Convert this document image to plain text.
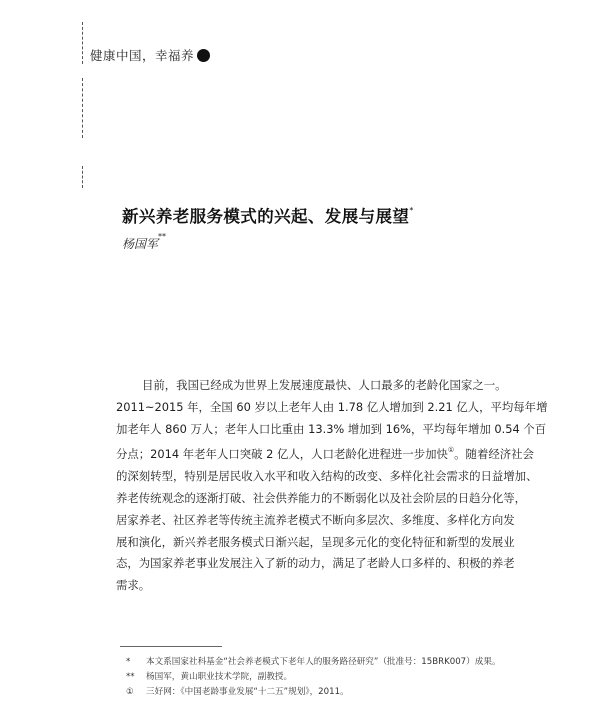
健康中国，幸福养
新兴养老服务模式的兴起、发展与展望*
杨国军**
目前，我国已经成为世界上发展速度最快、人口最多的老龄化国家之一。
2011~2015 年，全国 60 岁以上老年人由 1.78 亿人增加到 2.21 亿人，平均每年增
加老年人 860 万人；老年人口比重由 13.3% 增加到 16%，平均每年增加 0.54 个百
分点；2014 年老年人口突破 2 亿人，人口老龄化进程进一步加快①。随着经济社会
的深刻转型，特别是居民收入水平和收入结构的改变、多样化社会需求的日益增加、
养老传统观念的逐渐打破、社会供养能力的不断弱化以及社会阶层的日趋分化等，
居家养老、社区养老等传统主流养老模式不断向多层次、多维度、多样化方向发
展和演化，新兴养老服务模式日渐兴起，呈现多元化的变化特征和新型的发展业
态，为国家养老事业发展注入了新的动力，满足了老龄人口多样的、积极的养老
需求。
*	本文系国家社科基金“社会养老模式下老年人的服务路径研究”（批准号：15BRK007）成果。
**	杨国军，黄山职业技术学院，副教授。
①	三好网：《中国老龄事业发展“十二五”规划》，2011。
